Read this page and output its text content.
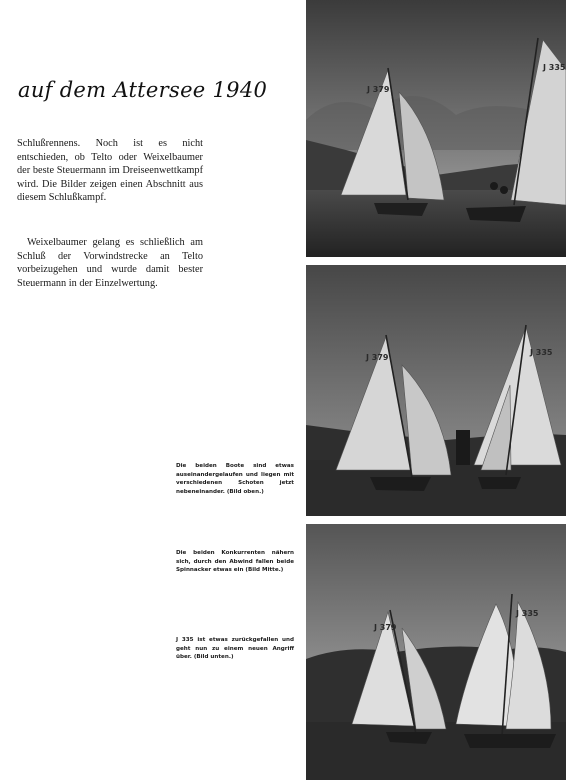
auf dem Attersee 1940
Schlußrennens. Noch ist es nicht entschieden, ob Telto oder Weixelbaumer der beste Steuermann im Dreiseenwettkampf wird. Die Bilder zeigen einen Abschnitt aus diesem Schlußkampf.
Weixelbaumer gelang es schließlich am Schluß der Vorwindstrecke an Telto vorbeizugehen und wurde damit bester Steuermann in der Einzelwertung.
Die beiden Boote sind etwas auseinandergelaufen und liegen mit verschiedenen Schoten jetzt nebeneinander. (Bild oben.)
Die beiden Konkurrenten nähern sich, durch den Abwind fallen beide Spinnacker etwas ein (Bild Mitte.)
J 335 ist etwas zurückgefallen und geht nun zu einem neuen Angriff über. (Bild unten.)
J 379
J 335
J 379
J 335
J 379
J 335
